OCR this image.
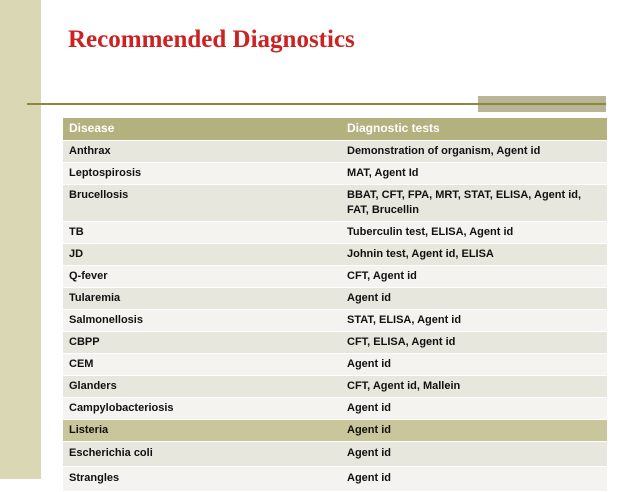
Recommended Diagnostics
Disease	Diagnostic tests
Anthrax	Demonstration of organism, Agent id
Leptospirosis	MAT, Agent Id
Brucellosis	BBAT, CFT, FPA, MRT, STAT, ELISA, Agent id, FAT, Brucellin
TB	Tuberculin test, ELISA, Agent id
JD	Johnin test, Agent id, ELISA
Q-fever	CFT, Agent id
Tularemia	Agent id
Salmonellosis	STAT, ELISA, Agent id
CBPP	CFT, ELISA, Agent id
CEM	Agent id
Glanders	CFT, Agent id, Mallein
Campylobacteriosis	Agent id
Listeria	Agent id
Escherichia coli	Agent id
Strangles	Agent id
